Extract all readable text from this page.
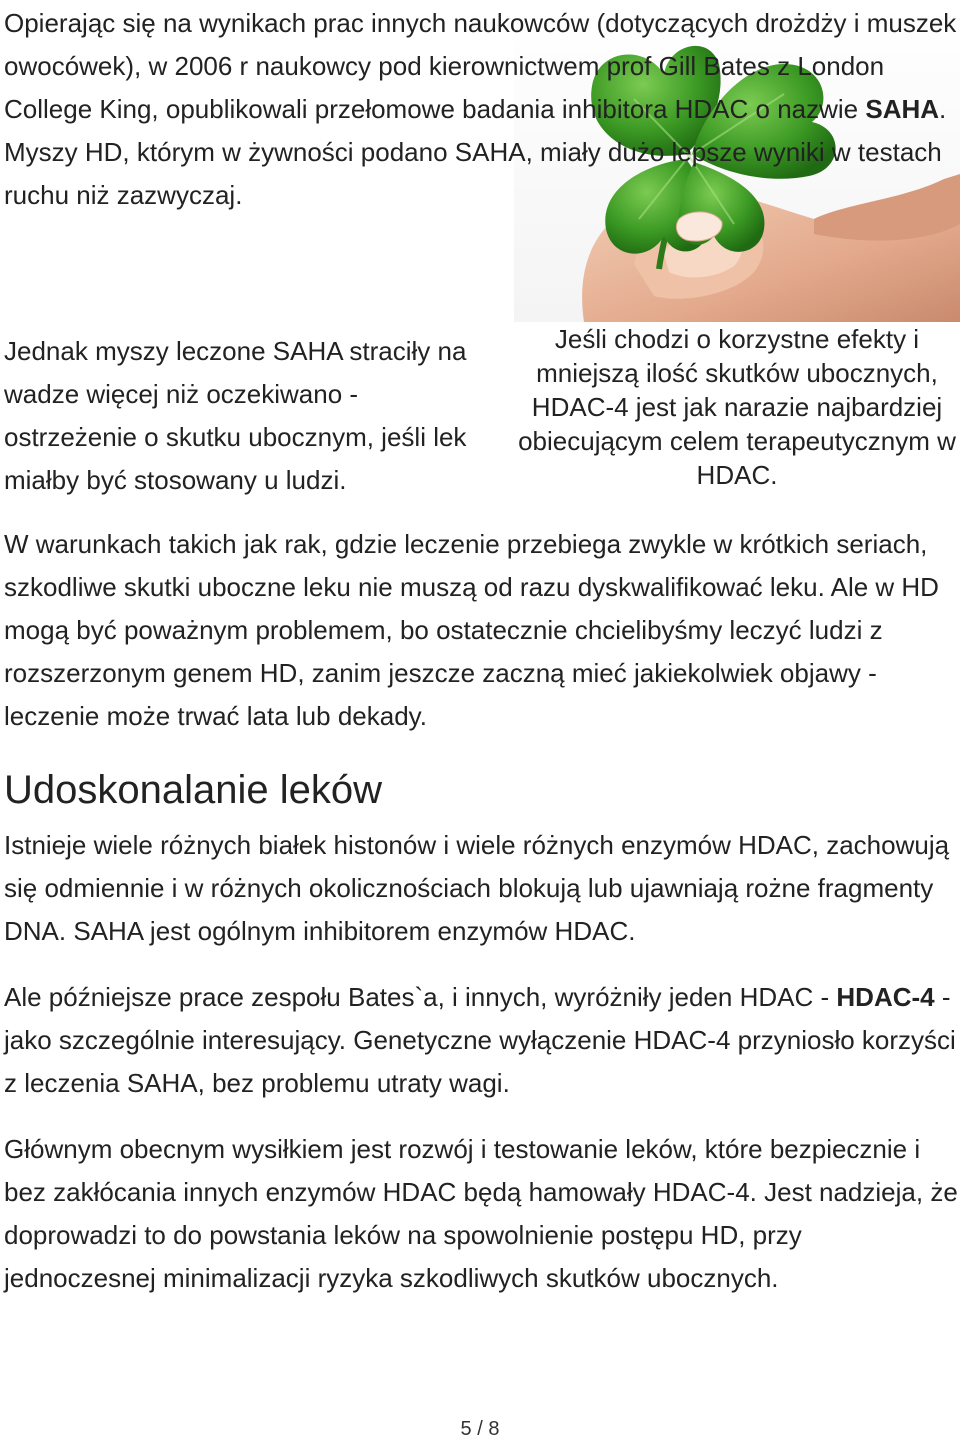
Jeśli chodzi o korzystne efekty i mniejszą ilość skutków ubocznych, HDAC-4 jest jak narazie najbardziej obiecującym celem terapeutycznym w HDAC.

Opierając się na wynikach prac innych naukowców (dotyczących drożdży i muszek owocówek), w 2006 r naukowcy pod kierownictwem prof Gill Bates z London College King, opublikowali przełomowe badania inhibitora HDAC o nazwie SAHA. Myszy HD, którym w żywności podano SAHA, miały dużo lepsze wyniki w testach ruchu niż zazwyczaj.

Jednak myszy leczone SAHA straciły na wadze więcej niż oczekiwano - ostrzeżenie o skutku ubocznym, jeśli lek miałby być stosowany u ludzi.

W warunkach takich jak rak, gdzie leczenie przebiega zwykle w krótkich seriach, szkodliwe skutki uboczne leku nie muszą od razu dyskwalifikować leku. Ale w HD mogą być poważnym problemem, bo ostatecznie chcielibyśmy leczyć ludzi z rozszerzonym genem HD, zanim jeszcze zaczną mieć jakiekolwiek objawy - leczenie może trwać lata lub dekady.

Udoskonalanie leków

Istnieje wiele różnych białek histonów i wiele różnych enzymów HDAC, zachowują się odmiennie i w różnych okolicznościach blokują lub ujawniają rożne fragmenty DNA. SAHA jest ogólnym inhibitorem enzymów HDAC.

Ale późniejsze prace zespołu Bates`a, i innych, wyróżniły jeden HDAC - HDAC-4 - jako szczególnie interesujący. Genetyczne wyłączenie HDAC-4 przyniosło korzyści z leczenia SAHA, bez problemu utraty wagi.

Głównym obecnym wysiłkiem jest rozwój i testowanie leków, które bezpiecznie i bez zakłócania innych enzymów HDAC będą hamowały HDAC-4. Jest nadzieja, że doprowadzi to do powstania leków na spowolnienie postępu HD, przy jednoczesnej minimalizacji ryzyka szkodliwych skutków ubocznych.

5 / 8
